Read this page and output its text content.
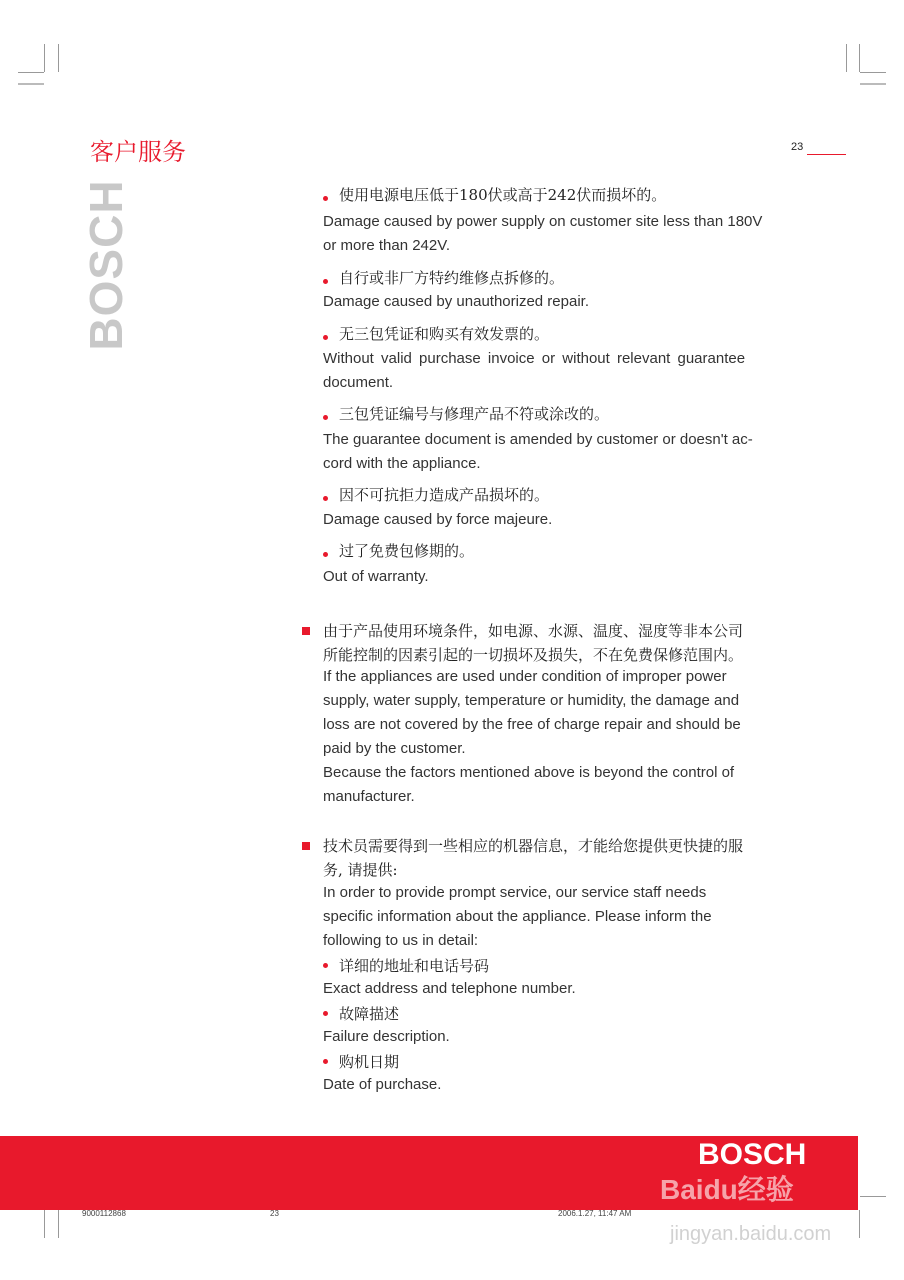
客户服务	23
BOSCH	使用电源电压低于180伏或高于242伏而损坏的。
Damage caused by power supply on customer site less than 180V
or more than 242V.
自行或非厂方特约维修点拆修的。
Damage caused by unauthorized repair.
无三包凭证和购买有效发票的。
Without valid purchase invoice or without relevant guarantee
document.
三包凭证编号与修理产品不符或涂改的。
The guarantee document is amended by customer or doesn't ac-
cord with the appliance.
因不可抗拒力造成产品损坏的。
Damage caused by force majeure.
过了免费包修期的。
Out of warranty.
由于产品使用环境条件，如电源、水源、温度、湿度等非本公司
所能控制的因素引起的一切损坏及损失，不在免费保修范围内。
If the appliances are used under condition of improper power
supply, water supply, temperature or humidity, the damage and
loss are not covered by the free of charge repair and should be
paid by the customer.
Because the factors mentioned above is beyond the control of
manufacturer.
技术员需要得到一些相应的机器信息，才能给您提供更快捷的服
务, 请提供:
In order to provide prompt service, our service staff needs
specific information about the appliance. Please inform the
following to us in detail:
详细的地址和电话号码
Exact address and telephone number.
故障描述
Failure description.
购机日期
Date of purchase.
BOSCH
Baidu经验
jingyan.baidu.com
9000112868	23	2006.1.27, 11:47 AM
